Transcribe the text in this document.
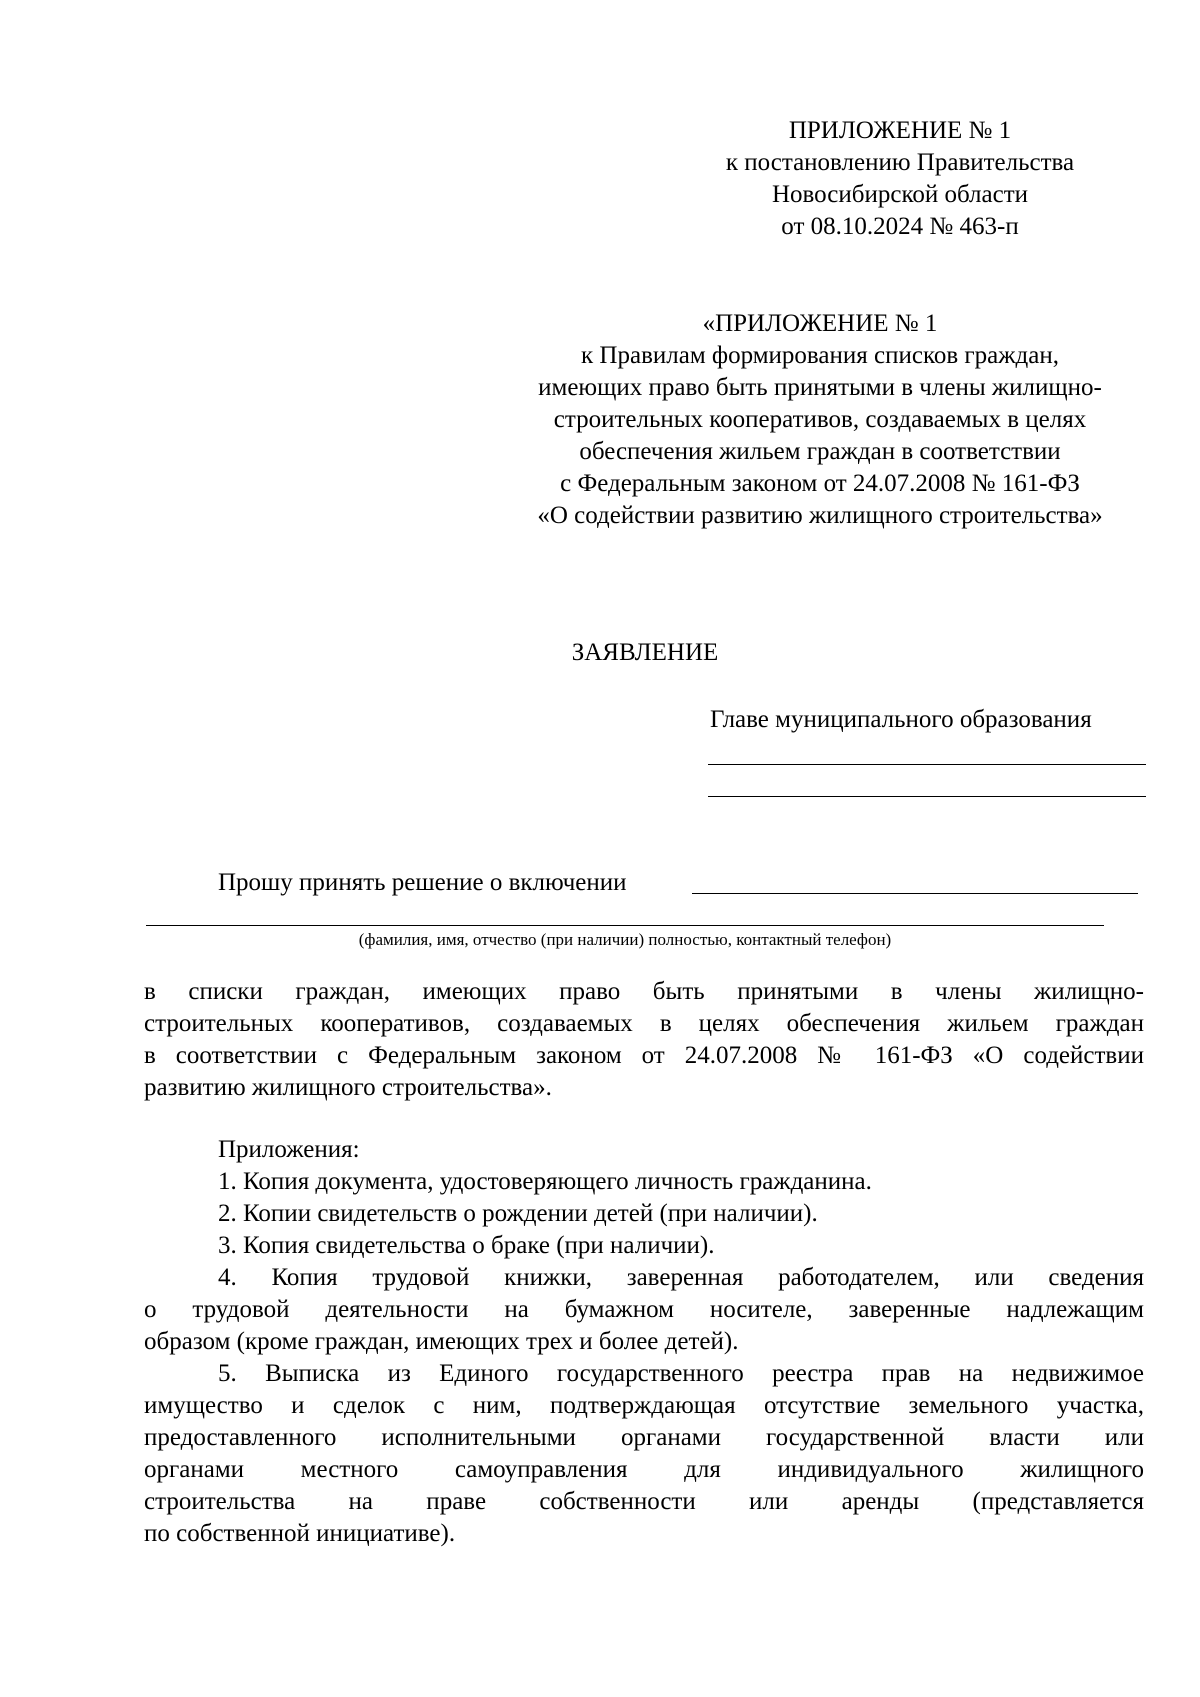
ПРИЛОЖЕНИЕ № 1
к постановлению Правительства
Новосибирской области
от 08.10.2024 № 463-п
«ПРИЛОЖЕНИЕ № 1
к Правилам формирования списков граждан,
имеющих право быть принятыми в члены жилищно-
строительных кооперативов, создаваемых в целях
обеспечения жильем граждан в соответствии
с Федеральным законом от 24.07.2008 № 161-ФЗ
«О содействии развитию жилищного строительства»
ЗАЯВЛЕНИЕ
Главе муниципального образования
Прошу принять решение о включении
(фамилия, имя, отчество (при наличии) полностью, контактный телефон)
в списки граждан, имеющих право быть принятыми в члены жилищно-
строительных кооперативов, создаваемых в целях обеспечения жильем граждан
в соответствии с Федеральным законом от 24.07.2008 № 161-ФЗ «О содействии
развитию жилищного строительства».
Приложения:
1. Копия документа, удостоверяющего личность гражданина.
2. Копии свидетельств о рождении детей (при наличии).
3. Копия свидетельства о браке (при наличии).
4. Копия трудовой книжки, заверенная работодателем, или сведения
о трудовой деятельности на бумажном носителе, заверенные надлежащим
образом (кроме граждан, имеющих трех и более детей).
5. Выписка из Единого государственного реестра прав на недвижимое
имущество и сделок с ним, подтверждающая отсутствие земельного участка,
предоставленного исполнительными органами государственной власти или
органами местного самоуправления для индивидуального жилищного
строительства на праве собственности или аренды (представляется
по собственной инициативе).
